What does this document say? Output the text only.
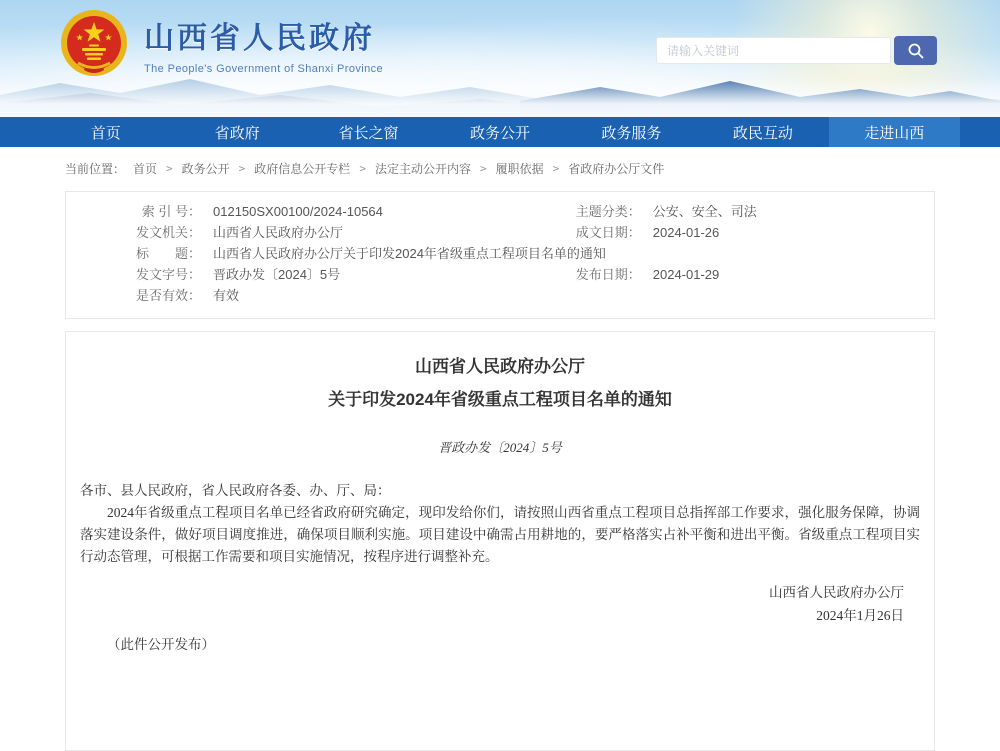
山西省人民政府
The People's Government of Shanxi Province
请输入关键词
首页	省政府	省长之窗	政务公开	政务服务	政民互动	走进山西
当前位置： 首页 > 政务公开 > 政府信息公开专栏 > 法定主动公开内容 > 履职依据 > 省政府办公厅文件
索 引 号： 012150SX00100/2024-10564
发文机关： 山西省人民政府办公厅
标　　题： 山西省人民政府办公厅关于印发2024年省级重点工程项目名单的通知
发文字号： 晋政办发〔2024〕5号
是否有效： 有效
主题分类： 公安、安全、司法
成文日期： 2024-01-26
发布日期： 2024-01-29
山西省人民政府办公厅
关于印发2024年省级重点工程项目名单的通知
晋政办发〔2024〕5号

各市、县人民政府，省人民政府各委、办、厅、局：

2024年省级重点工程项目名单已经省政府研究确定，现印发给你们，请按照山西省重点工程项目总指挥部工作要求，强化服务保障，协调落实建设条件，做好项目调度推进，确保项目顺利实施。项目建设中确需占用耕地的，要严格落实占补平衡和进出平衡。省级重点工程项目实行动态管理，可根据工作需要和项目实施情况，按程序进行调整补充。

山西省人民政府办公厅
2024年1月26日

（此件公开发布）
